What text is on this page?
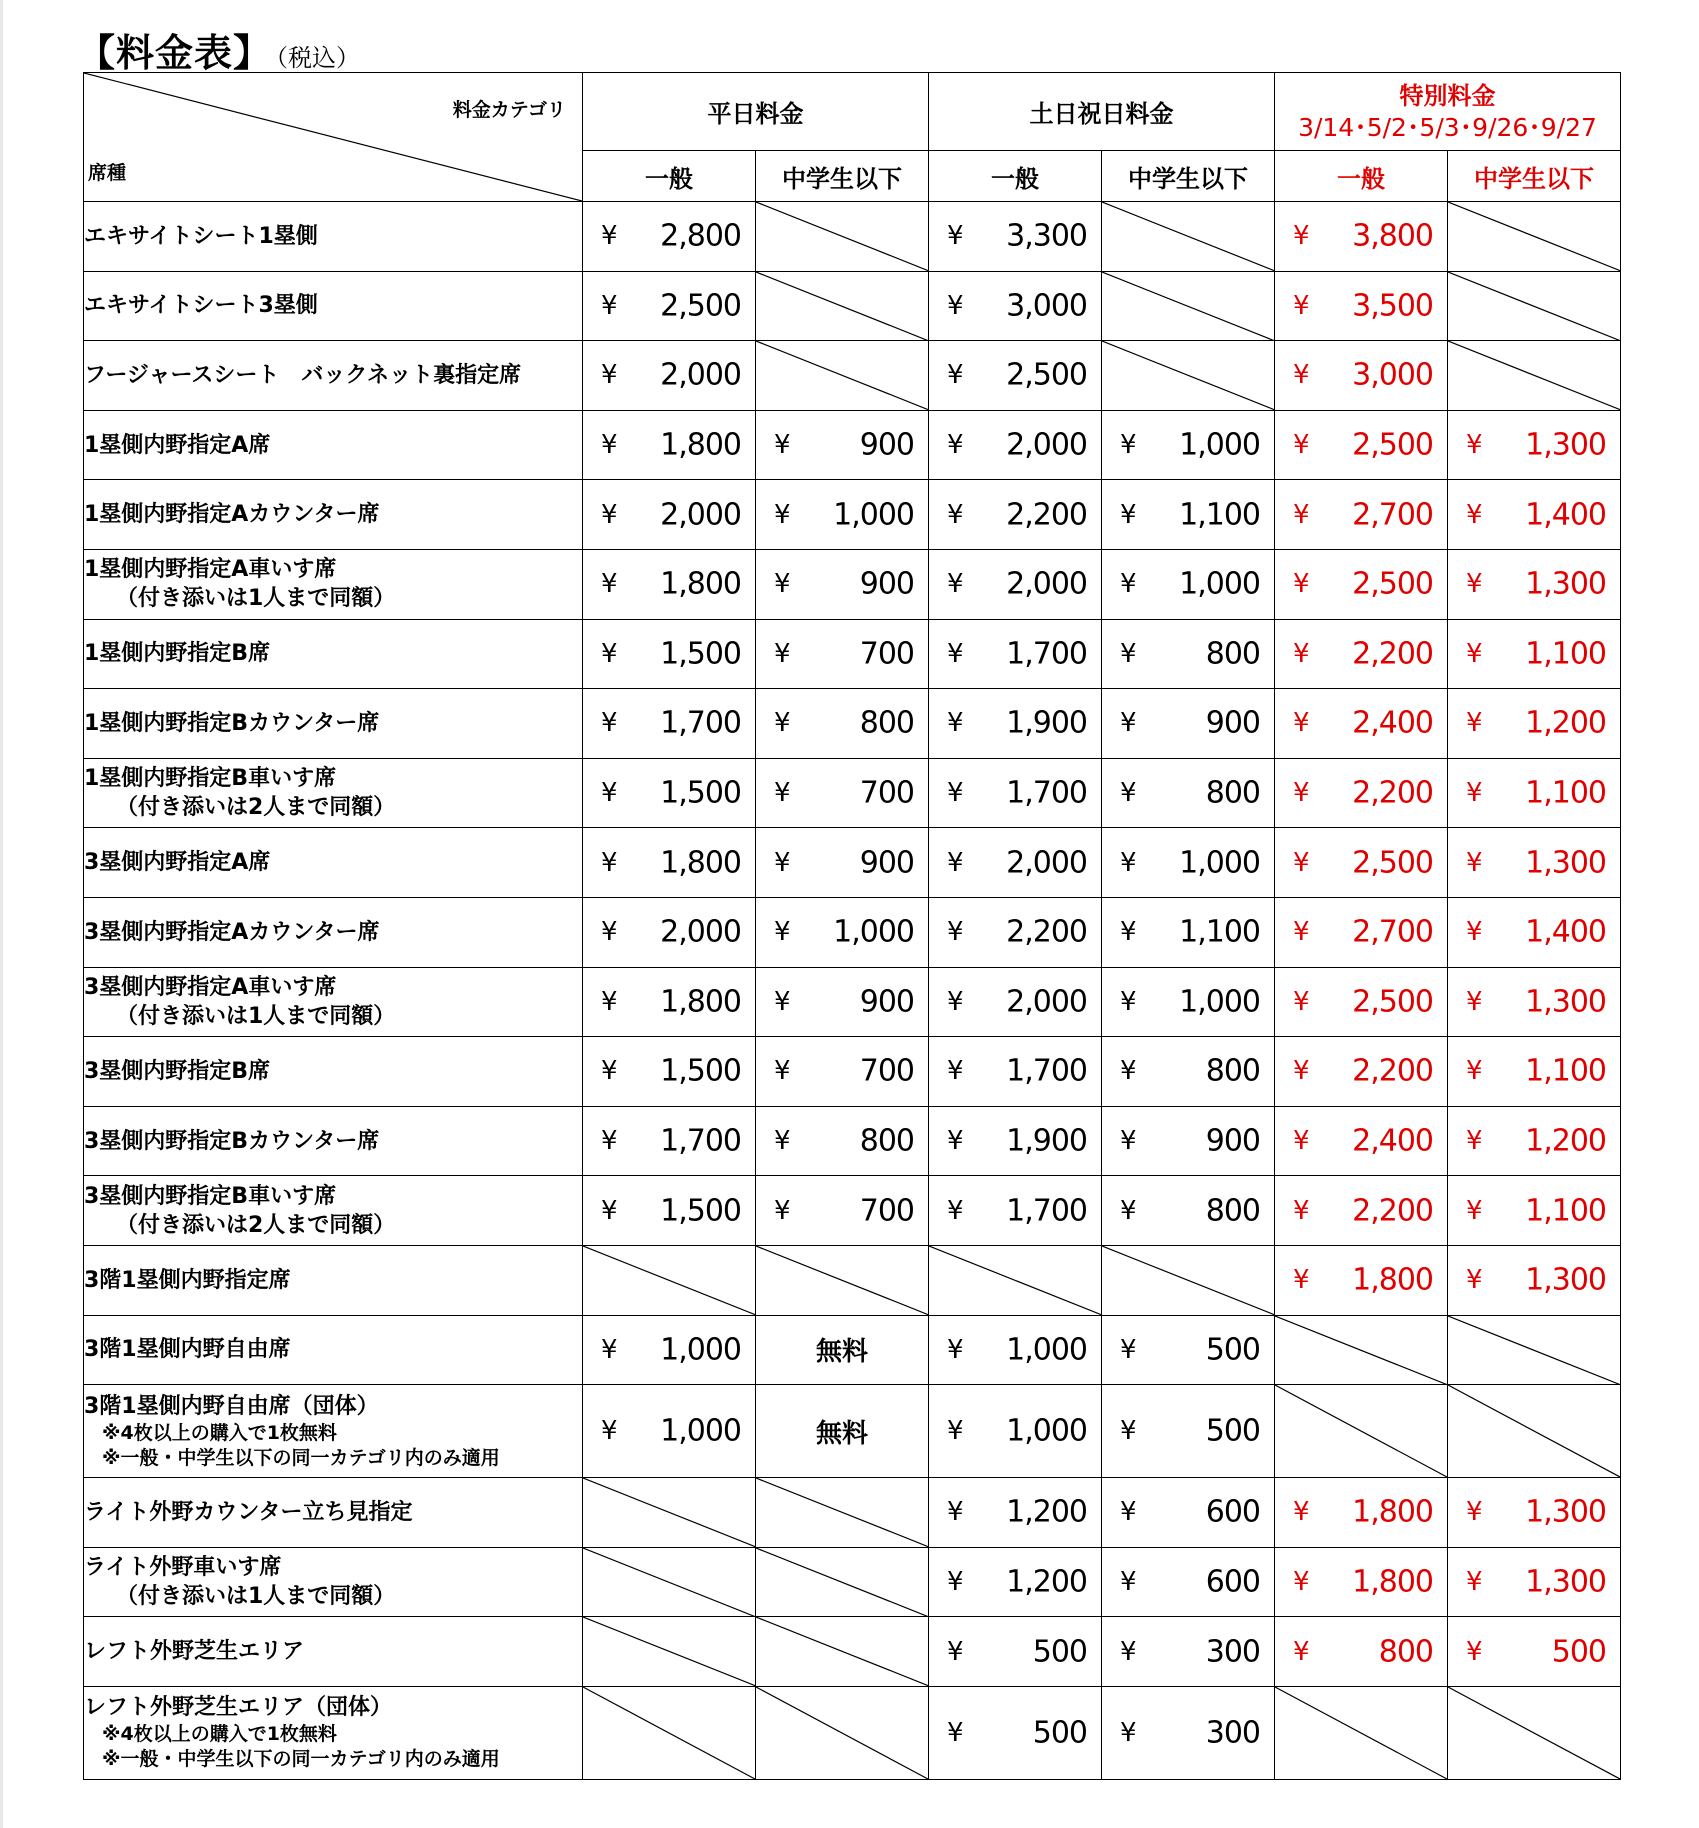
【料金表】 （税込）
料金カテゴリ
席種
	平日料金	土日祝日料金	
特別料金
3/14･5/2･5/3･9/26･9/27

	一般	中学生以下	一般	中学生以下	一般	中学生以下
エキサイトシート1塁側	¥ 2,800		¥ 3,300		¥ 3,800

エキサイトシート3塁側	¥ 2,500		¥ 3,000		¥ 3,500

フージャースシート　バックネット裏指定席	¥ 2,000		¥ 2,500		¥ 3,000

1塁側内野指定A席	¥ 1,800	¥ 900	¥ 2,000	¥ 1,000	¥ 2,500	¥ 1,300

1塁側内野指定Aカウンター席	¥ 2,000	¥ 1,000	¥ 2,200	¥ 1,100	¥ 2,700	¥ 1,400

1塁側内野指定A車いす席
（付き添いは1人まで同額）	¥ 1,800	¥ 900	¥ 2,000	¥ 1,000	¥ 2,500	¥ 1,300

1塁側内野指定B席	¥ 1,500	¥ 700	¥ 1,700	¥ 800	¥ 2,200	¥ 1,100

1塁側内野指定Bカウンター席	¥ 1,700	¥ 800	¥ 1,900	¥ 900	¥ 2,400	¥ 1,200

1塁側内野指定B車いす席
（付き添いは2人まで同額）	¥ 1,500	¥ 700	¥ 1,700	¥ 800	¥ 2,200	¥ 1,100

3塁側内野指定A席	¥ 1,800	¥ 900	¥ 2,000	¥ 1,000	¥ 2,500	¥ 1,300

3塁側内野指定Aカウンター席	¥ 2,000	¥ 1,000	¥ 2,200	¥ 1,100	¥ 2,700	¥ 1,400

3塁側内野指定A車いす席
（付き添いは1人まで同額）	¥ 1,800	¥ 900	¥ 2,000	¥ 1,000	¥ 2,500	¥ 1,300

3塁側内野指定B席	¥ 1,500	¥ 700	¥ 1,700	¥ 800	¥ 2,200	¥ 1,100

3塁側内野指定Bカウンター席	¥ 1,700	¥ 800	¥ 1,900	¥ 900	¥ 2,400	¥ 1,200

3塁側内野指定B車いす席
（付き添いは2人まで同額）	¥ 1,500	¥ 700	¥ 1,700	¥ 800	¥ 2,200	¥ 1,100

3階1塁側内野指定席					¥ 1,800	¥ 1,300

3階1塁側内野自由席	¥ 1,000	無料	¥ 1,000	¥ 500

3階1塁側内野自由席（団体）
※4枚以上の購入で1枚無料
※一般・中学生以下の同一カテゴリ内のみ適用	¥ 1,000	無料	¥ 1,000	¥ 500

ライト外野カウンター立ち見指定			¥ 1,200	¥ 600	¥ 1,800	¥ 1,300

ライト外野車いす席
（付き添いは1人まで同額）			¥ 1,200	¥ 600	¥ 1,800	¥ 1,300

レフト外野芝生エリア			¥ 500	¥ 300	¥ 800	¥ 500

レフト外野芝生エリア（団体）
※4枚以上の購入で1枚無料
※一般・中学生以下の同一カテゴリ内のみ適用			¥ 500	¥ 300
